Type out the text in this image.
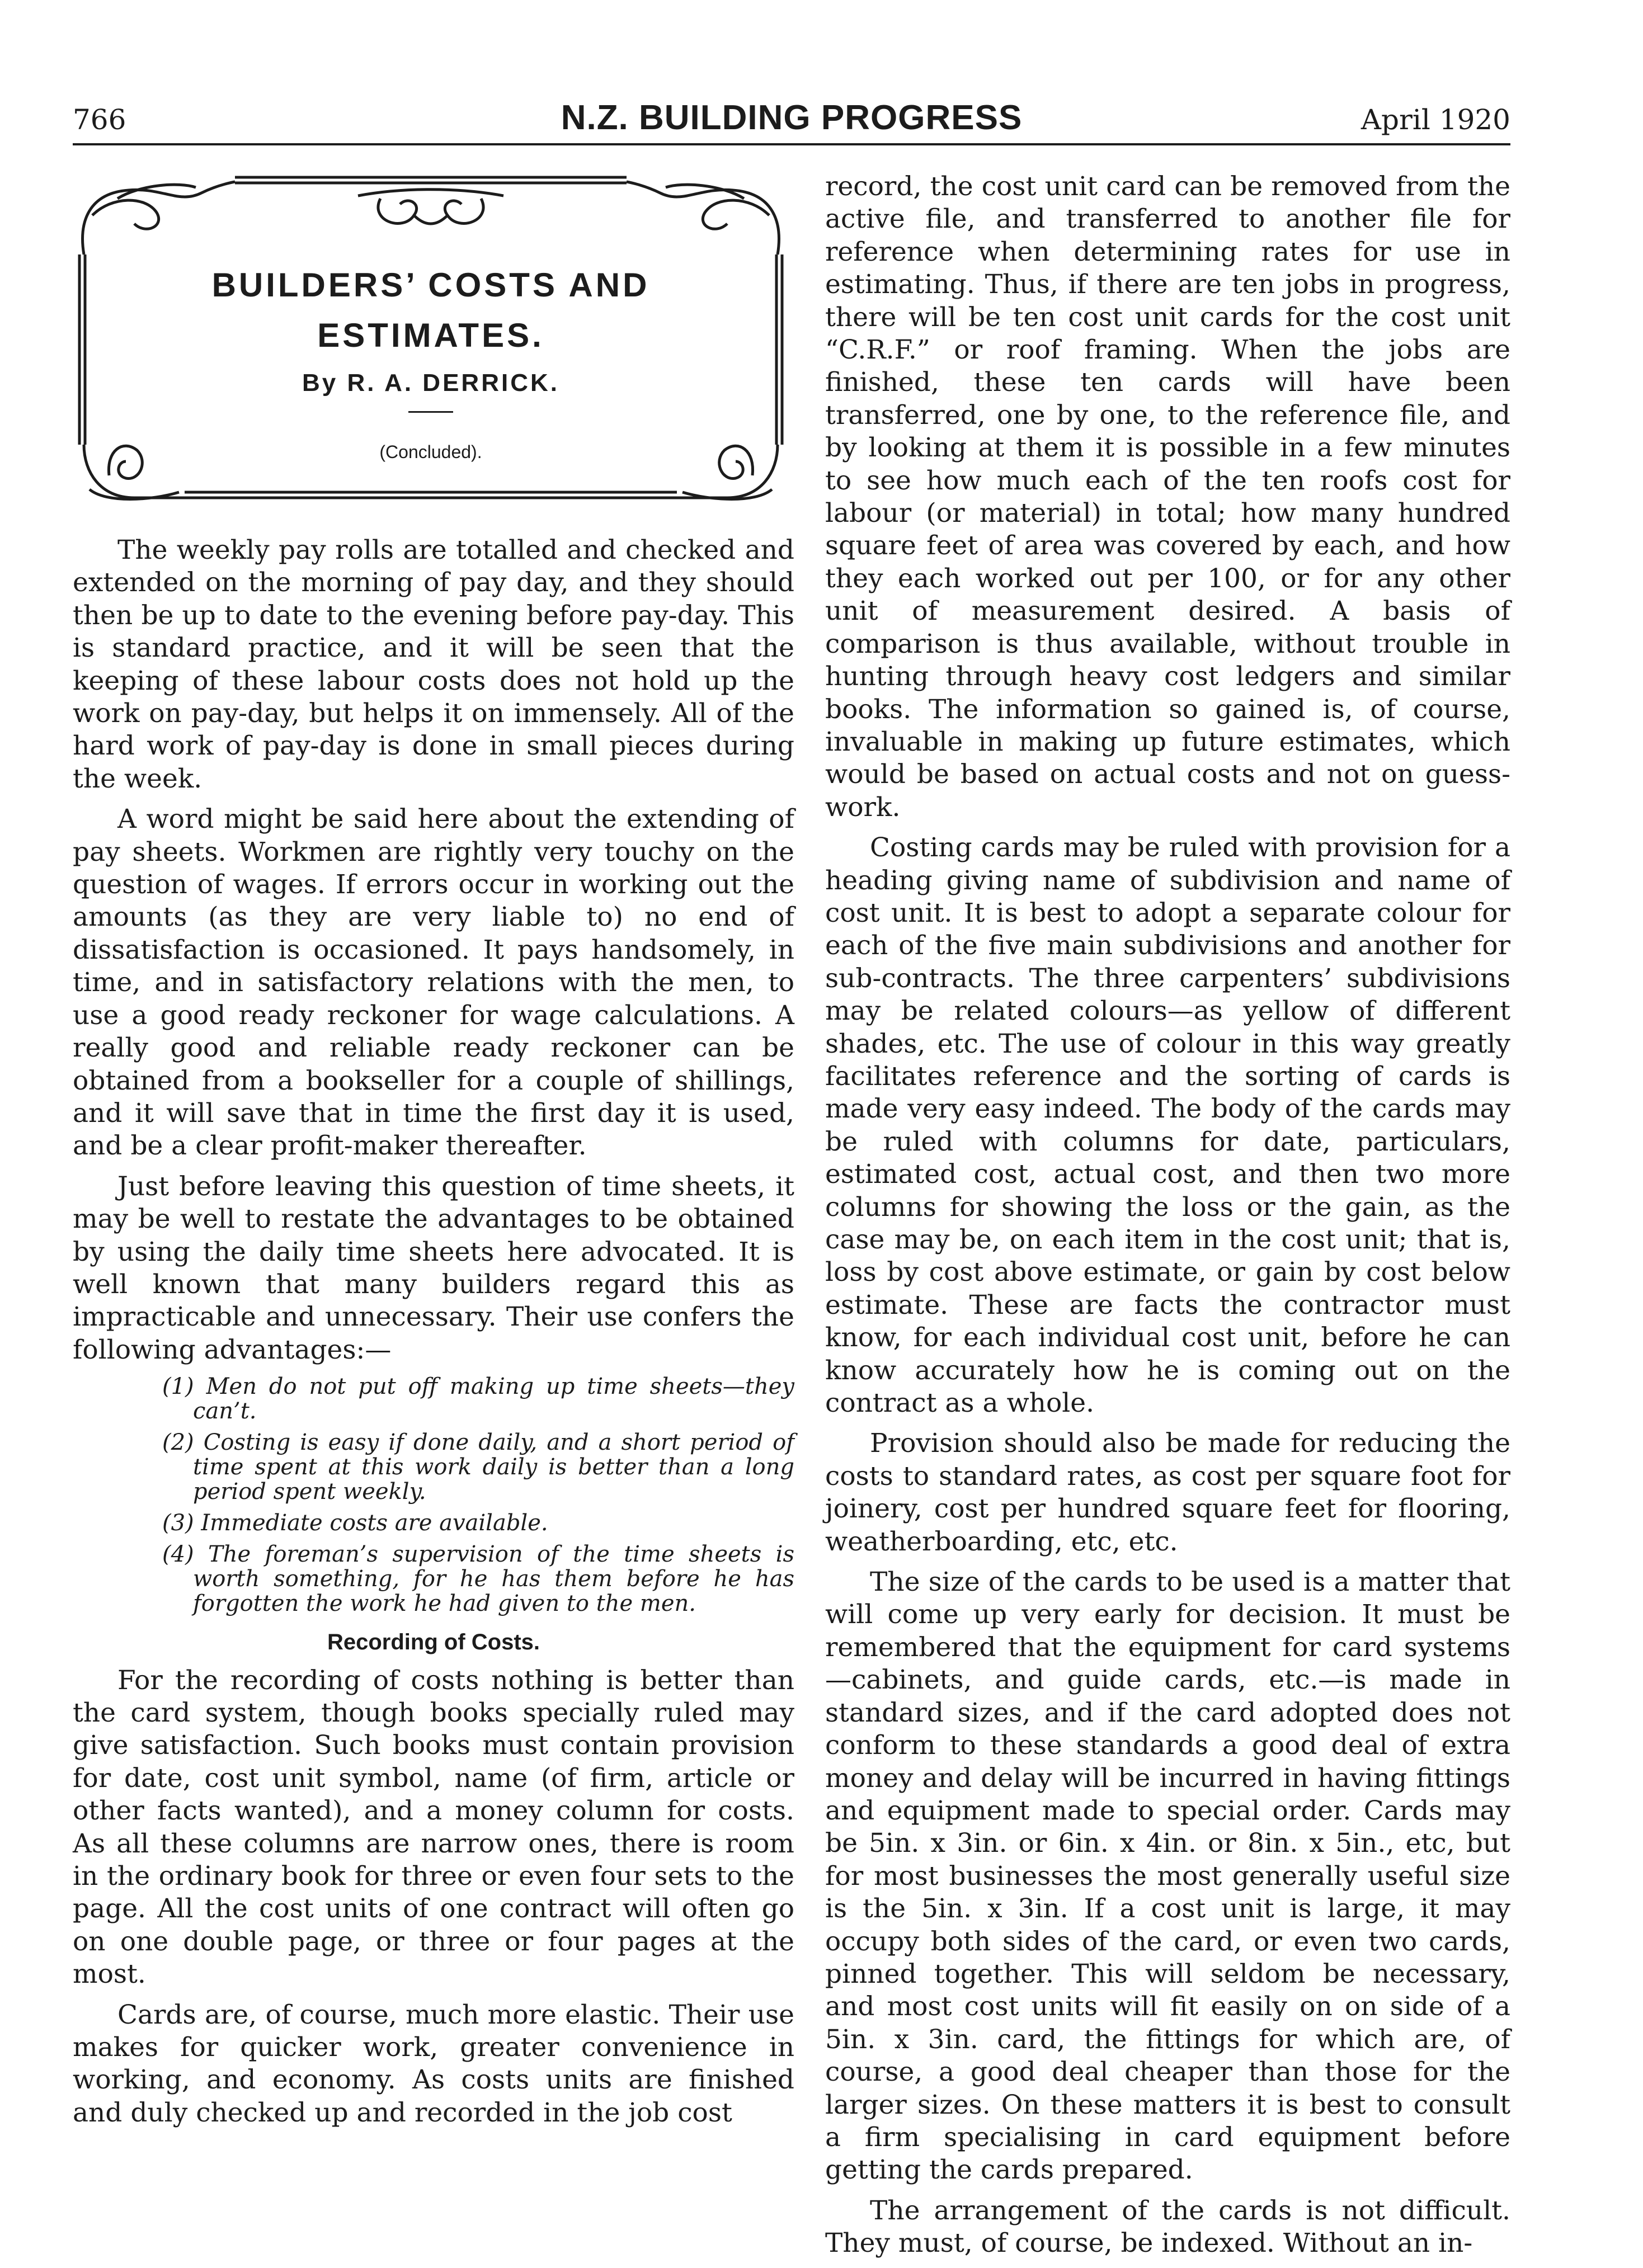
766	N.Z. BUILDING PROGRESS	April 1920
BUILDERS’ COSTS AND ESTIMATES.
By R. A. DERRICK.
(Concluded).

The weekly pay rolls are totalled and checked and extended on the morning of pay day, and they should then be up to date to the evening before pay-day. This is standard practice, and it will be seen that the keeping of these labour costs does not hold up the work on pay-day, but helps it on immensely. All of the hard work of pay-day is done in small pieces during the week.

A word might be said here about the extending of pay sheets. Workmen are rightly very touchy on the question of wages. If errors occur in working out the amounts (as they are very liable to) no end of dissatisfaction is occasioned. It pays handsomely, in time, and in satisfactory relations with the men, to use a good ready reckoner for wage calculations. A really good and reliable ready reckoner can be obtained from a bookseller for a couple of shillings, and it will save that in time the first day it is used, and be a clear profit-maker thereafter.

Just before leaving this question of time sheets, it may be well to restate the advantages to be obtained by using the daily time sheets here advocated. It is well known that many builders regard this as impracticable and unnecessary. Their use confers the following advantages:—

(1) Men do not put off making up time sheets—they can’t.
(2) Costing is easy if done daily, and a short period of time spent at this work daily is better than a long period spent weekly.
(3) Immediate costs are available.
(4) The foreman’s supervision of the time sheets is worth something, for he has them before he has forgotten the work he had given to the men.
Recording of Costs.

For the recording of costs nothing is better than the card system, though books specially ruled may give satisfaction. Such books must contain provision for date, cost unit symbol, name (of firm, article or other facts wanted), and a money column for costs. As all these columns are narrow ones, there is room in the ordinary book for three or even four sets to the page. All the cost units of one contract will often go on one double page, or three or four pages at the most.

Cards are, of course, much more elastic. Their use makes for quicker work, greater convenience in working, and economy. As costs units are finished and duly checked up and recorded in the job cost

record, the cost unit card can be removed from the active file, and transferred to another file for reference when determining rates for use in estimating. Thus, if there are ten jobs in progress, there will be ten cost unit cards for the cost unit “C.R.F.” or roof framing. When the jobs are finished, these ten cards will have been transferred, one by one, to the reference file, and by looking at them it is possible in a few minutes to see how much each of the ten roofs cost for labour (or material) in total; how many hundred square feet of area was covered by each, and how they each worked out per 100, or for any other unit of measurement desired. A basis of comparison is thus available, without trouble in hunting through heavy cost ledgers and similar books. The information so gained is, of course, invaluable in making up future estimates, which would be based on actual costs and not on guess-work.

Costing cards may be ruled with provision for a heading giving name of subdivision and name of cost unit. It is best to adopt a separate colour for each of the five main subdivisions and another for sub-contracts. The three carpenters’ subdivisions may be related colours—as yellow of different shades, etc. The use of colour in this way greatly facilitates reference and the sorting of cards is made very easy indeed. The body of the cards may be ruled with columns for date, particulars, estimated cost, actual cost, and then two more columns for showing the loss or the gain, as the case may be, on each item in the cost unit; that is, loss by cost above estimate, or gain by cost below estimate. These are facts the contractor must know, for each individual cost unit, before he can know accurately how he is coming out on the contract as a whole.

Provision should also be made for reducing the costs to standard rates, as cost per square foot for joinery, cost per hundred square feet for flooring, weatherboarding, etc, etc.

The size of the cards to be used is a matter that will come up very early for decision. It must be remembered that the equipment for card systems—cabinets, and guide cards, etc.—is made in standard sizes, and if the card adopted does not conform to these standards a good deal of extra money and delay will be incurred in having fittings and equipment made to special order. Cards may be 5in. x 3in. or 6in. x 4in. or 8in. x 5in., etc, but for most businesses the most generally useful size is the 5in. x 3in. If a cost unit is large, it may occupy both sides of the card, or even two cards, pinned together. This will seldom be necessary, and most cost units will fit easily on on side of a 5in. x 3in. card, the fittings for which are, of course, a good deal cheaper than those for the larger sizes. On these matters it is best to consult a firm specialising in card equipment before getting the cards prepared.

The arrangement of the cards is not difficult. They must, of course, be indexed. Without an in-
